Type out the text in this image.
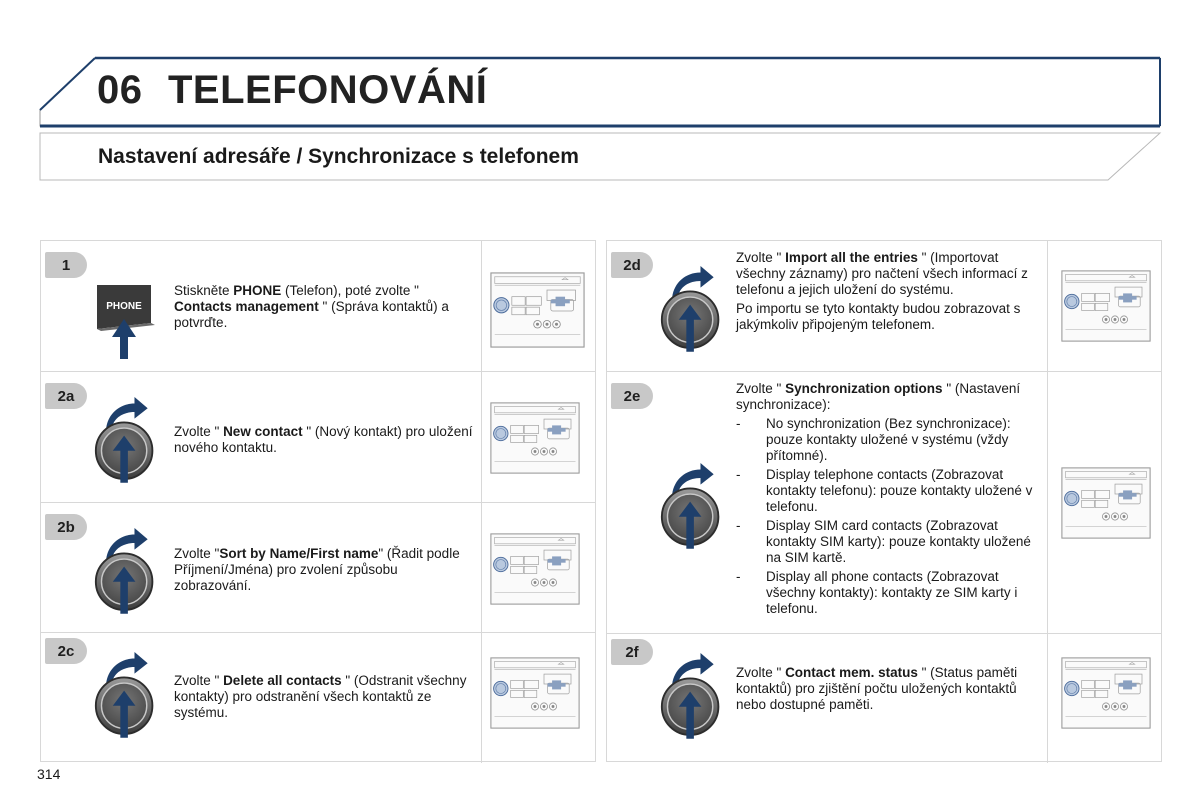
06 TELEFONOVÁNÍ
Nastavení adresáře / Synchronizace s telefonem
1
PHONE
Stiskněte PHONE (Telefon), poté zvolte " Contacts management " (Správa kontaktů) a potvrďte.
2a
Zvolte " New contact " (Nový kontakt) pro uložení nového kontaktu.
2b
Zvolte "Sort by Name/First name" (Řadit podle Příjmení/Jména) pro zvolení způsobu zobrazování.
2c
Zvolte " Delete all contacts " (Odstranit všechny kontakty) pro odstranění všech kontaktů ze systému.
2d	Zvolte " Import all the entries " (Importovat všechny záznamy) pro načtení všech informací z telefonu a jejich uložení do systému.

Po importu se tyto kontakty budou zobrazovat s jakýmkoliv připojeným telefonem.

2e	Zvolte " Synchronization options " (Nastavení synchronizace):
- No synchronization (Bez synchronizace): pouze kontakty uložené v systému (vždy přítomné).
- Display telephone contacts (Zobrazovat kontakty telefonu): pouze kontakty uložené v telefonu.
- Display SIM card contacts (Zobrazovat kontakty SIM karty): pouze kontakty uložené na SIM kartě.
- Display all phone contacts (Zobrazovat všechny kontakty): kontakty ze SIM karty i telefonu.
2f
Zvolte " Contact mem. status " (Status paměti kontaktů) pro zjištění počtu uložených kontaktů nebo dostupné paměti.
314
